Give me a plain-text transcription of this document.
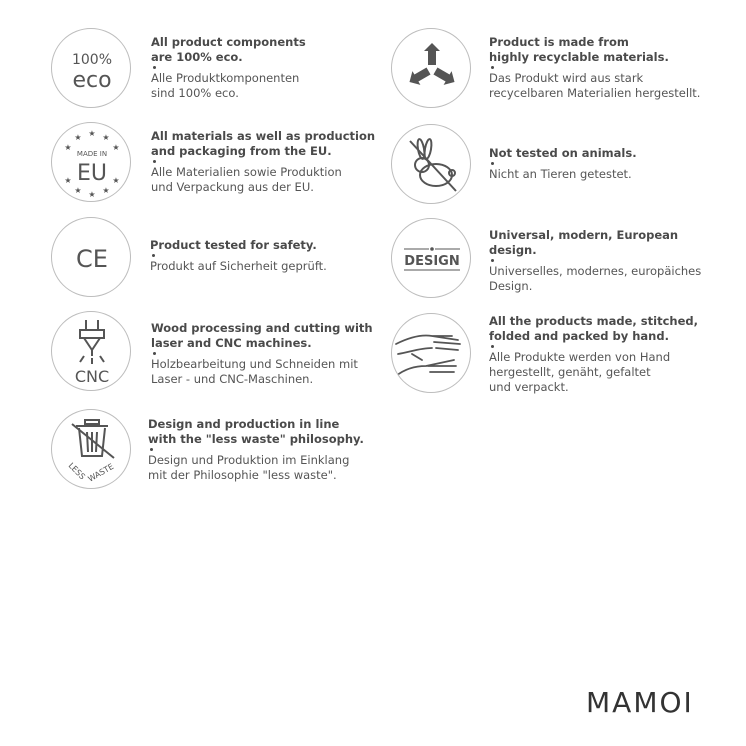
100%
eco
All product components
are 100% eco.
Alle Produktkomponenten
sind 100% eco.
Product is made from
highly recyclable materials.
Das Produkt wird aus stark
recycelbaren Materialien hergestellt.
★ ★
★
★
★
★
★
★
★ ★
MADE IN
EU
All materials as well as production
and packaging from the EU.
Alle Materialien sowie Produktion
und Verpackung aus der EU.
Not tested on animals.
Nicht an Tieren getestet.
CE	Product tested for safety.
Produkt auf Sicherheit geprüft.	DESIGN
Universal, modern, European
design.
Universelles, modernes, europäiches
Design.
CNC
Wood processing and cutting with
laser and CNC machines.
Holzbearbeitung und Schneiden mit
Laser - und CNC-Maschinen.
All the products made, stitched,
folded and packed by hand.
Alle Produkte werden von Hand
hergestellt, genäht, gefaltet
und verpackt.
LESS WASTE
Design and production in line
with the "less waste" philosophy.
Design und Produktion im Einklang
mit der Philosophie "less waste".
MAMOI
